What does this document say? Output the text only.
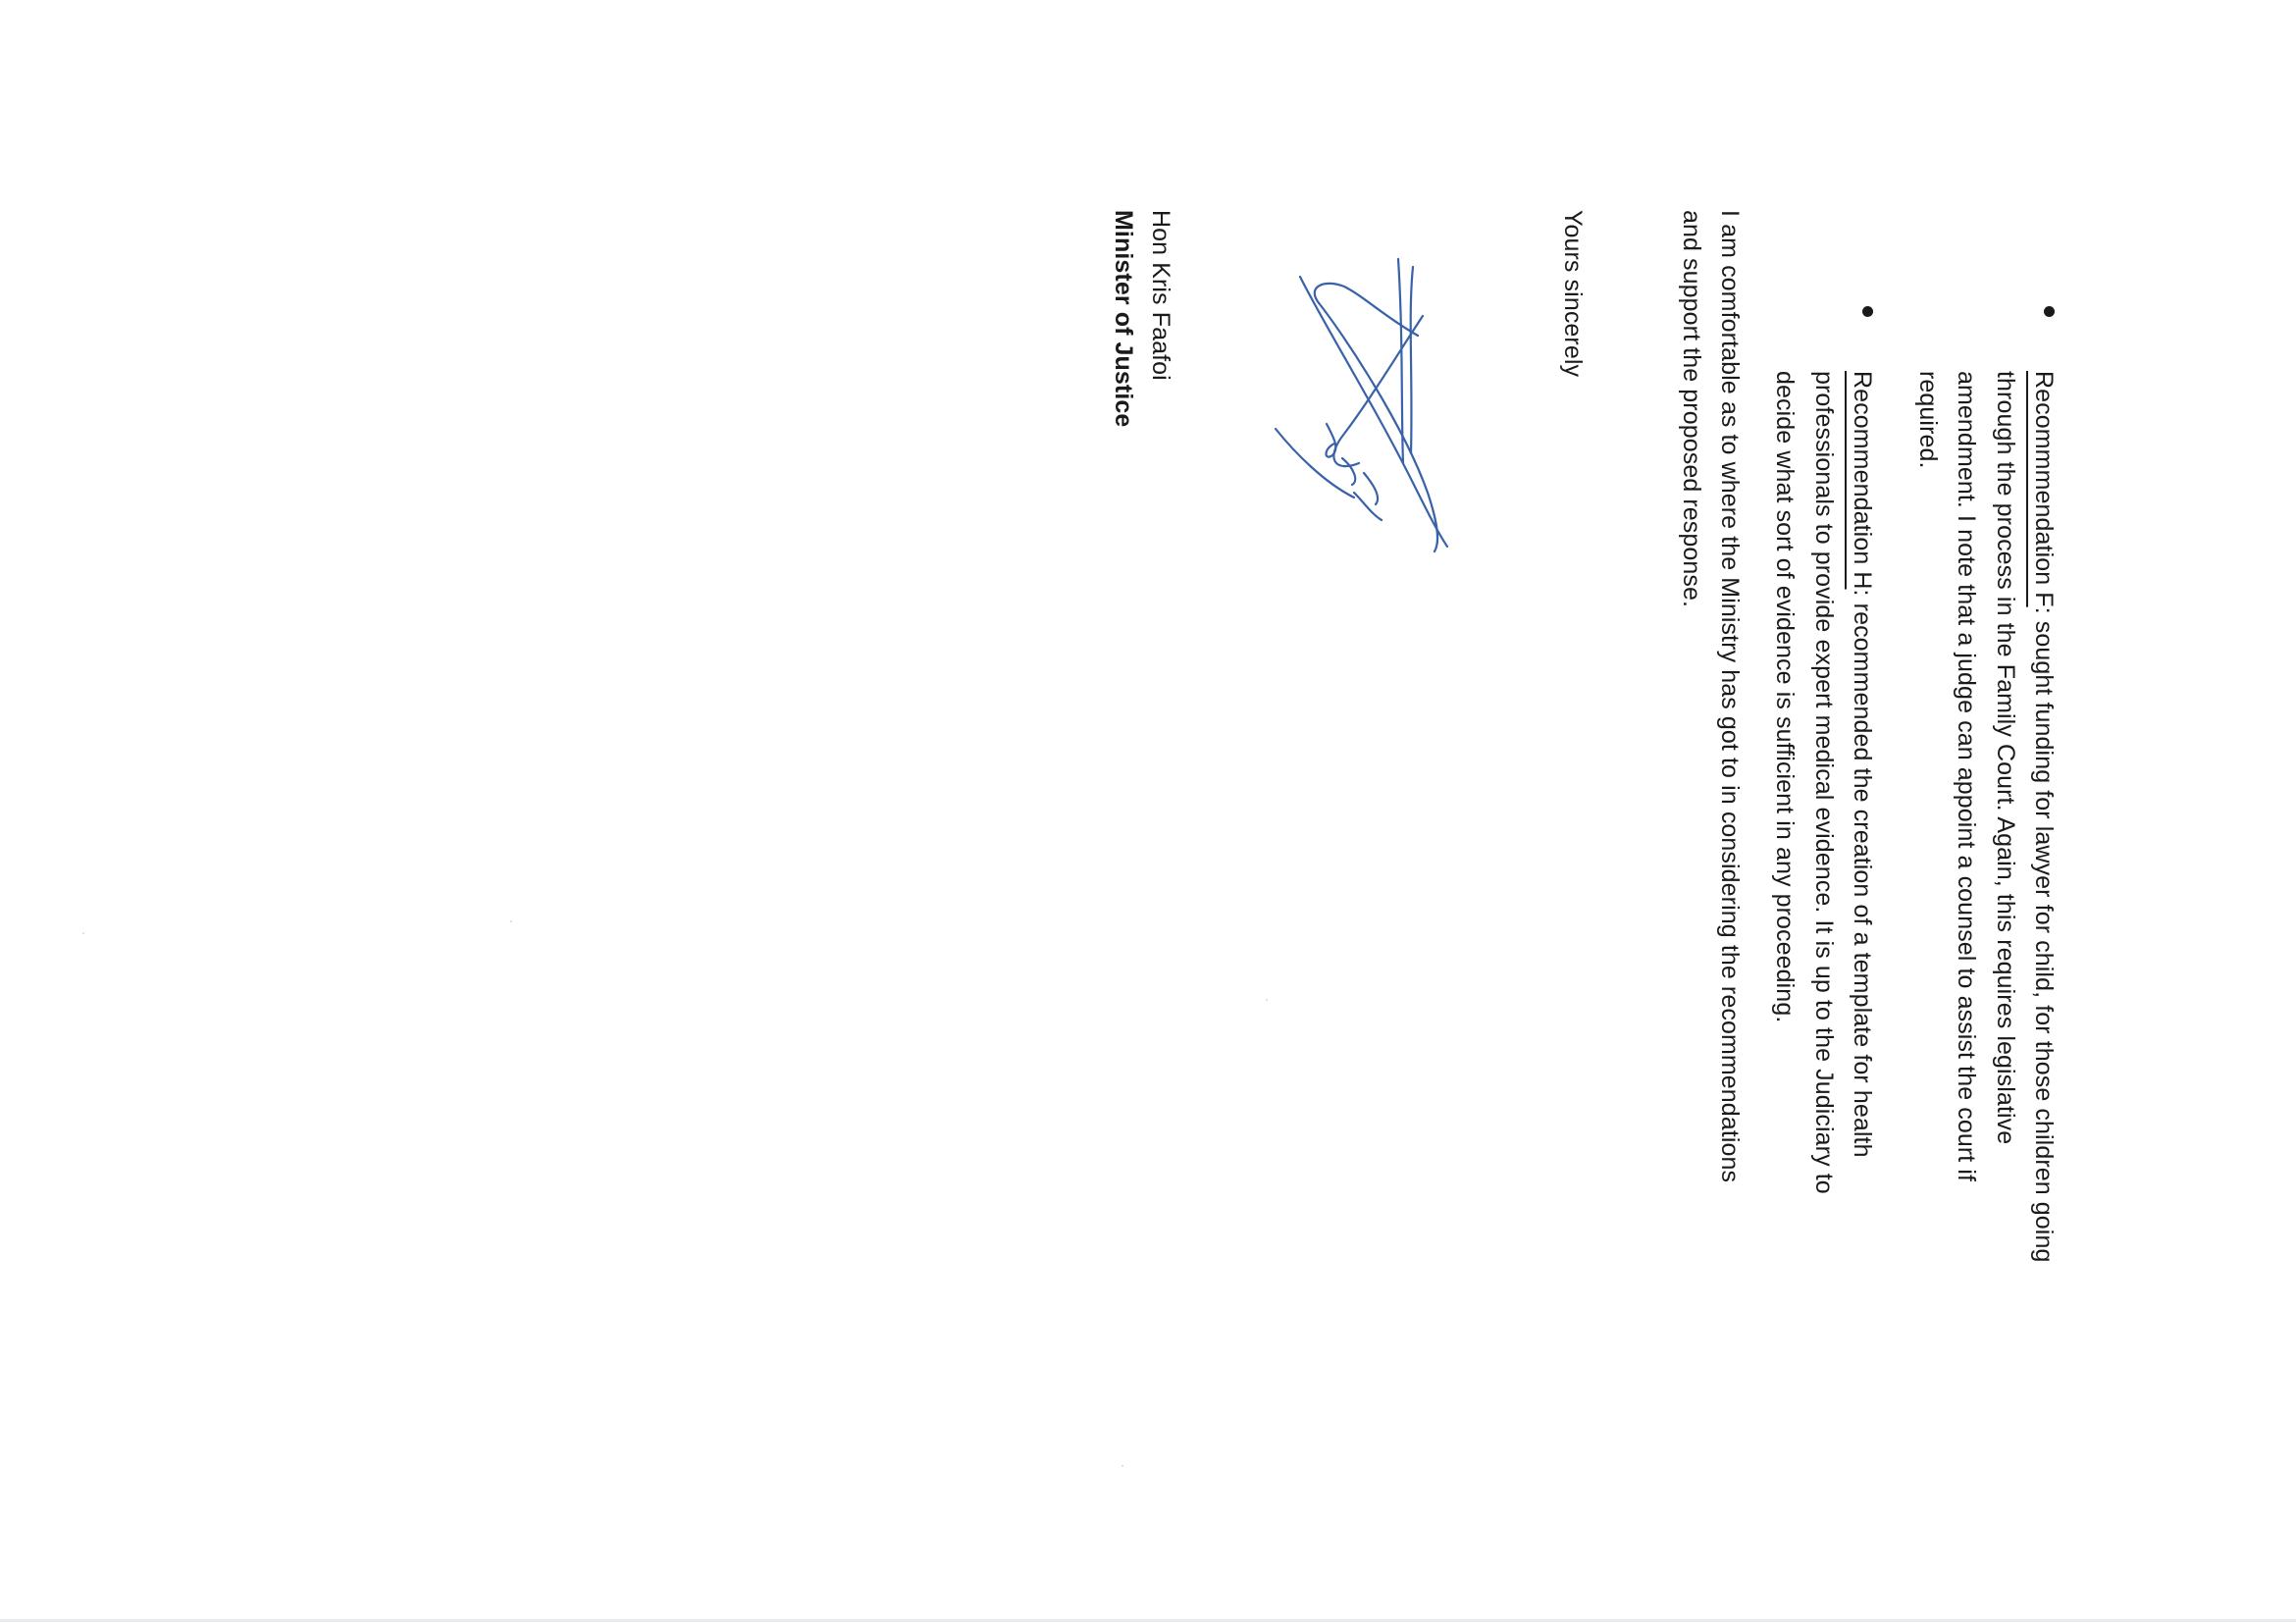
Recommmendation F: sought funding for lawyer for child, for those children going
through the process in the Family Court. Again, this requires legislative
amendment. I note that a judge can appoint a counsel to assist the court if
required.
Recommendation H: recommended the creation of a template for health
professionals to provide expert medical evidence. It is up to the Judiciary to
decide what sort of evidence is sufficient in any proceeding.
I am comfortable as to where the Ministry has got to in considering the recommendations
and support the proposed response.
Yours sincerely
Hon Kris Faafoi
Minister of Justice
